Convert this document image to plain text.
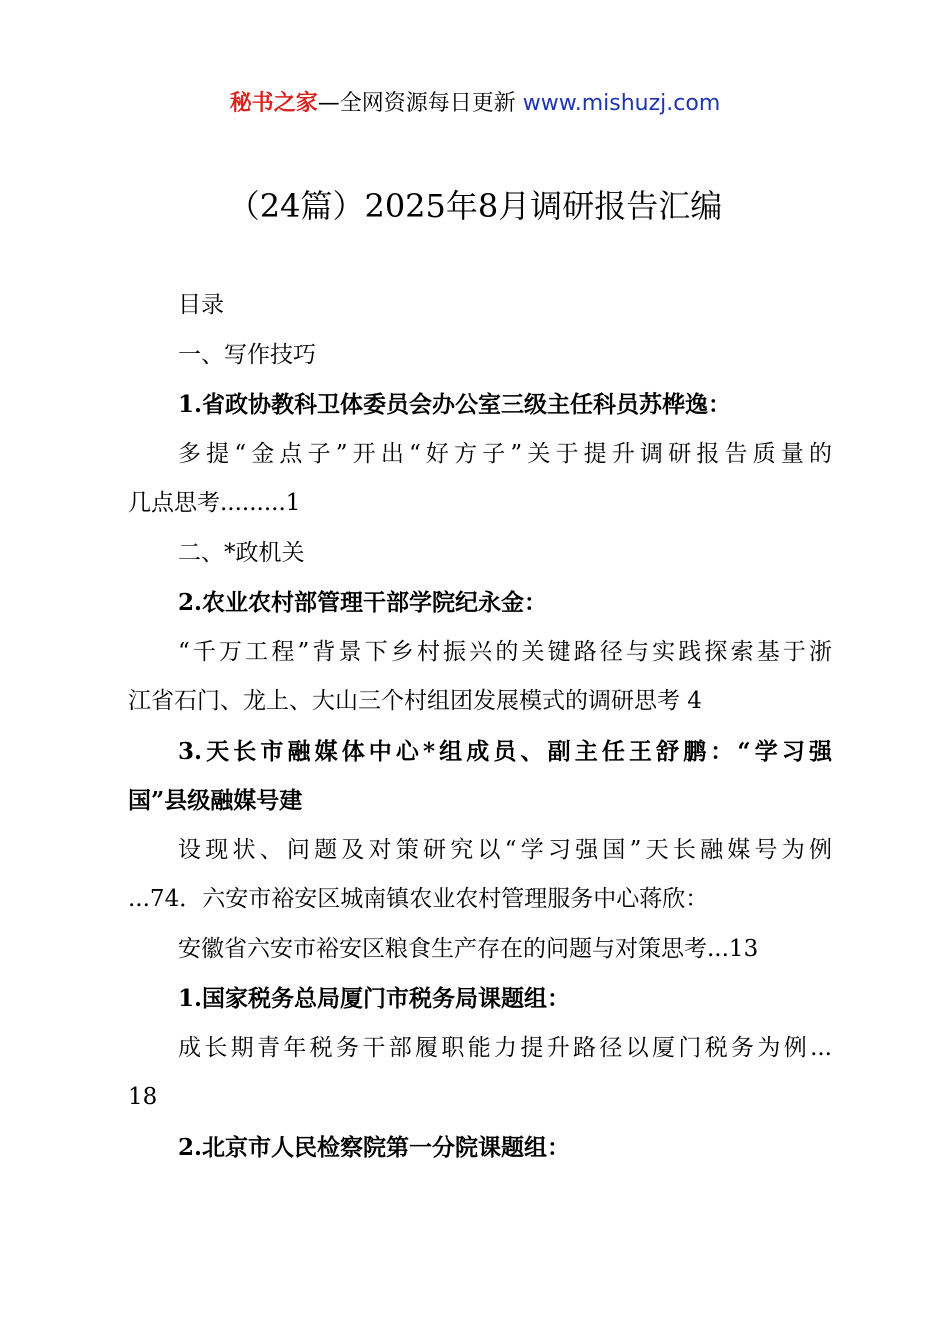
秘书之家—全网资源每日更新 www.mishuzj.com
（24篇）2025年8月调研报告汇编
目录
一、写作技巧
1.省政协教科卫体委员会办公室三级主任科员苏桦逸：
多提“金点子”开出“好方子”关于提升调研报告质量的
几点思考.........1
二、*政机关
2.农业农村部管理干部学院纪永金：
“千万工程”背景下乡村振兴的关键路径与实践探索基于浙
江省石门、龙上、大山三个村组团发展模式的调研思考 4
3.天长市融媒体中心*组成员、副主任王舒鹏：“学习强
国”县级融媒号建
设现状、问题及对策研究以“学习强国”天长融媒号为例
...74．六安市裕安区城南镇农业农村管理服务中心蒋欣：
安徽省六安市裕安区粮食生产存在的问题与对策思考...13
1.国家税务总局厦门市税务局课题组：
成长期青年税务干部履职能力提升路径以厦门税务为例...
18
2.北京市人民检察院第一分院课题组：
